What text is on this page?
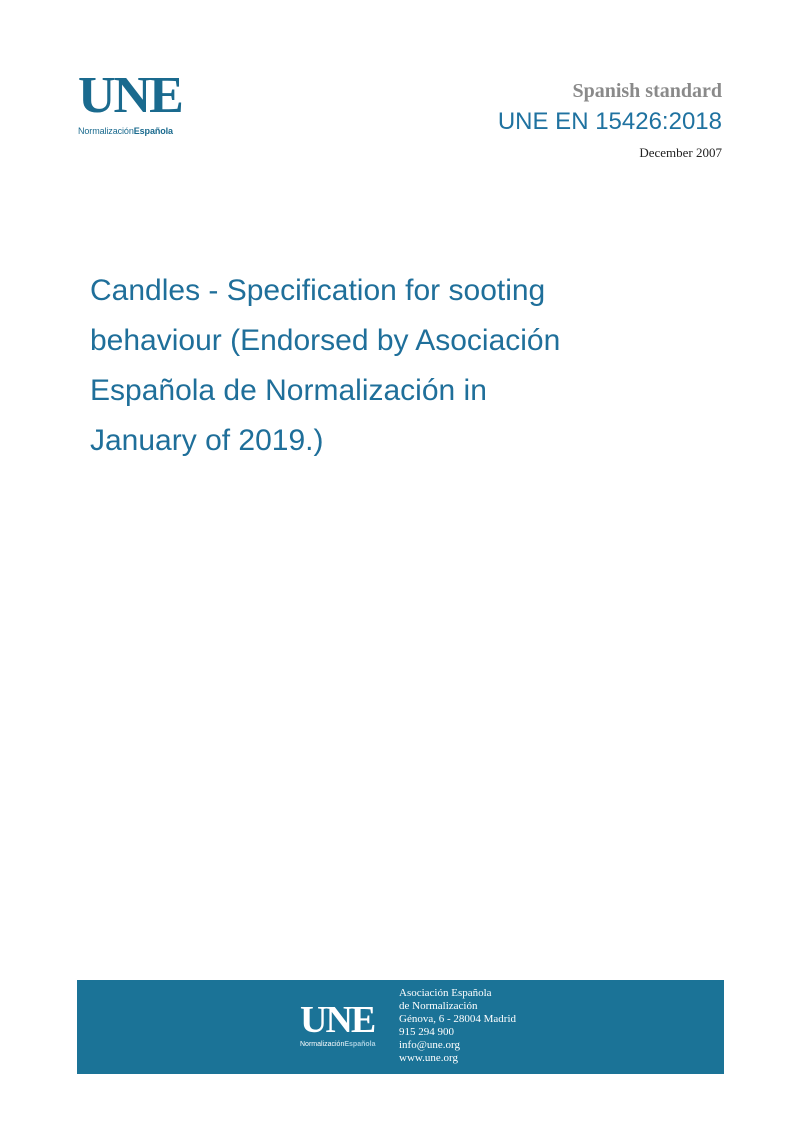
UNE
NormalizaciónEspañola
Spanish standard
UNE EN 15426:2018
December 2007
Candles - Specification for sooting
behaviour (Endorsed by Asociación
Española de Normalización in
January of 2019.)
UNE
NormalizaciónEspañola
Asociación Española
de Normalización
Génova, 6 - 28004 Madrid
915 294 900
info@une.org
www.une.org
